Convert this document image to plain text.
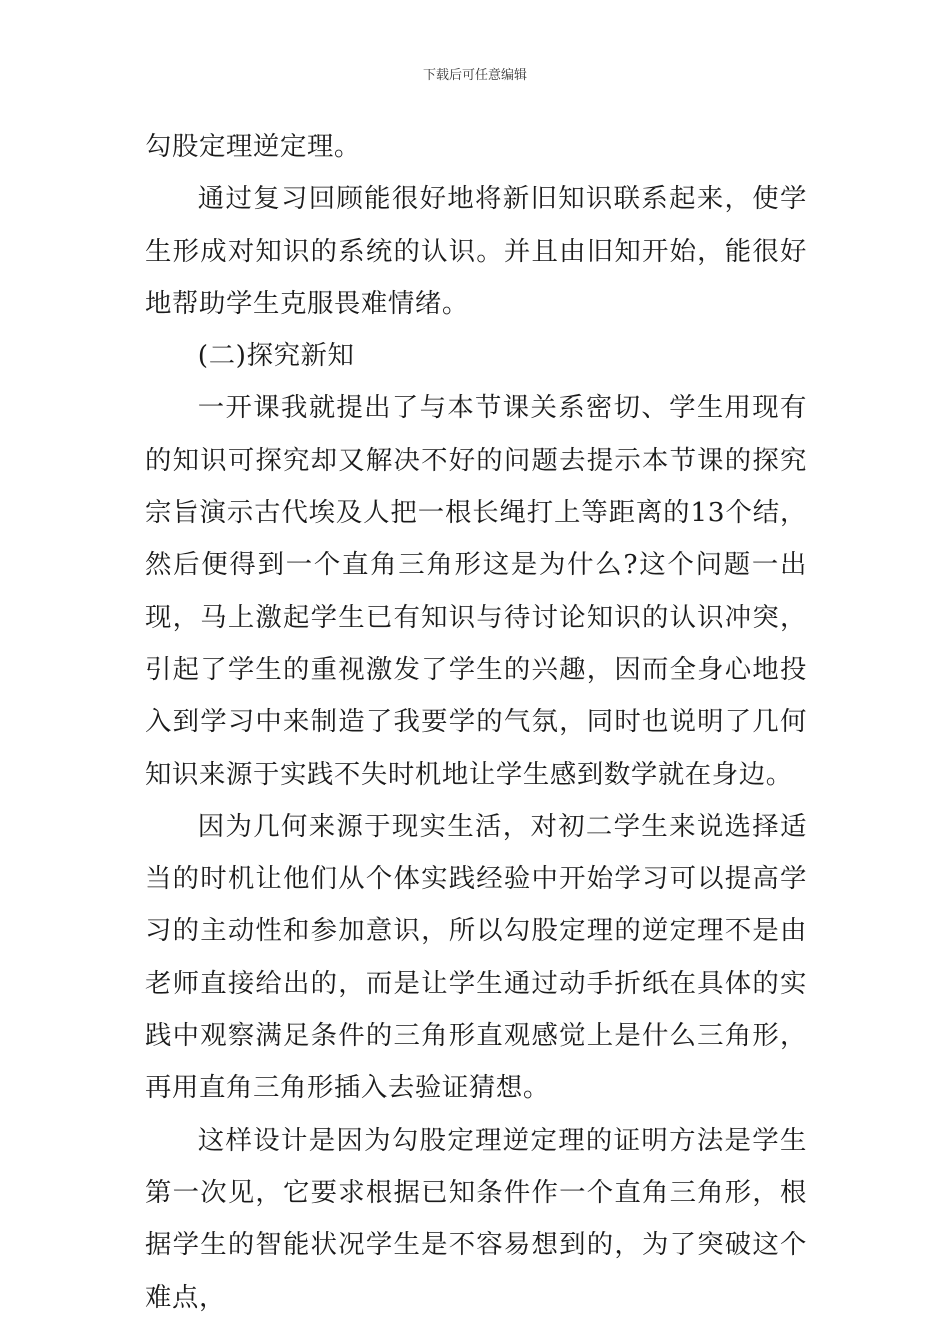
下载后可任意编辑

勾股定理逆定理。

通过复习回顾能很好地将新旧知识联系起来，使学生形成对知识的系统的认识。并且由旧知开始，能很好地帮助学生克服畏难情绪。

(二)探究新知

一开课我就提出了与本节课关系密切、学生用现有的知识可探究却又解决不好的问题去提示本节课的探究宗旨演示古代埃及人把一根长绳打上等距离的13个结，然后便得到一个直角三角形这是为什么?这个问题一出现，马上激起学生已有知识与待讨论知识的认识冲突，引起了学生的重视激发了学生的兴趣，因而全身心地投入到学习中来制造了我要学的气氛，同时也说明了几何知识来源于实践不失时机地让学生感到数学就在身边。

因为几何来源于现实生活，对初二学生来说选择适当的时机让他们从个体实践经验中开始学习可以提高学习的主动性和参加意识，所以勾股定理的逆定理不是由老师直接给出的，而是让学生通过动手折纸在具体的实践中观察满足条件的三角形直观感觉上是什么三角形，再用直角三角形插入去验证猜想。

这样设计是因为勾股定理逆定理的证明方法是学生第一次见，它要求根据已知条件作一个直角三角形，根据学生的智能状况学生是不容易想到的，为了突破这个难点，
